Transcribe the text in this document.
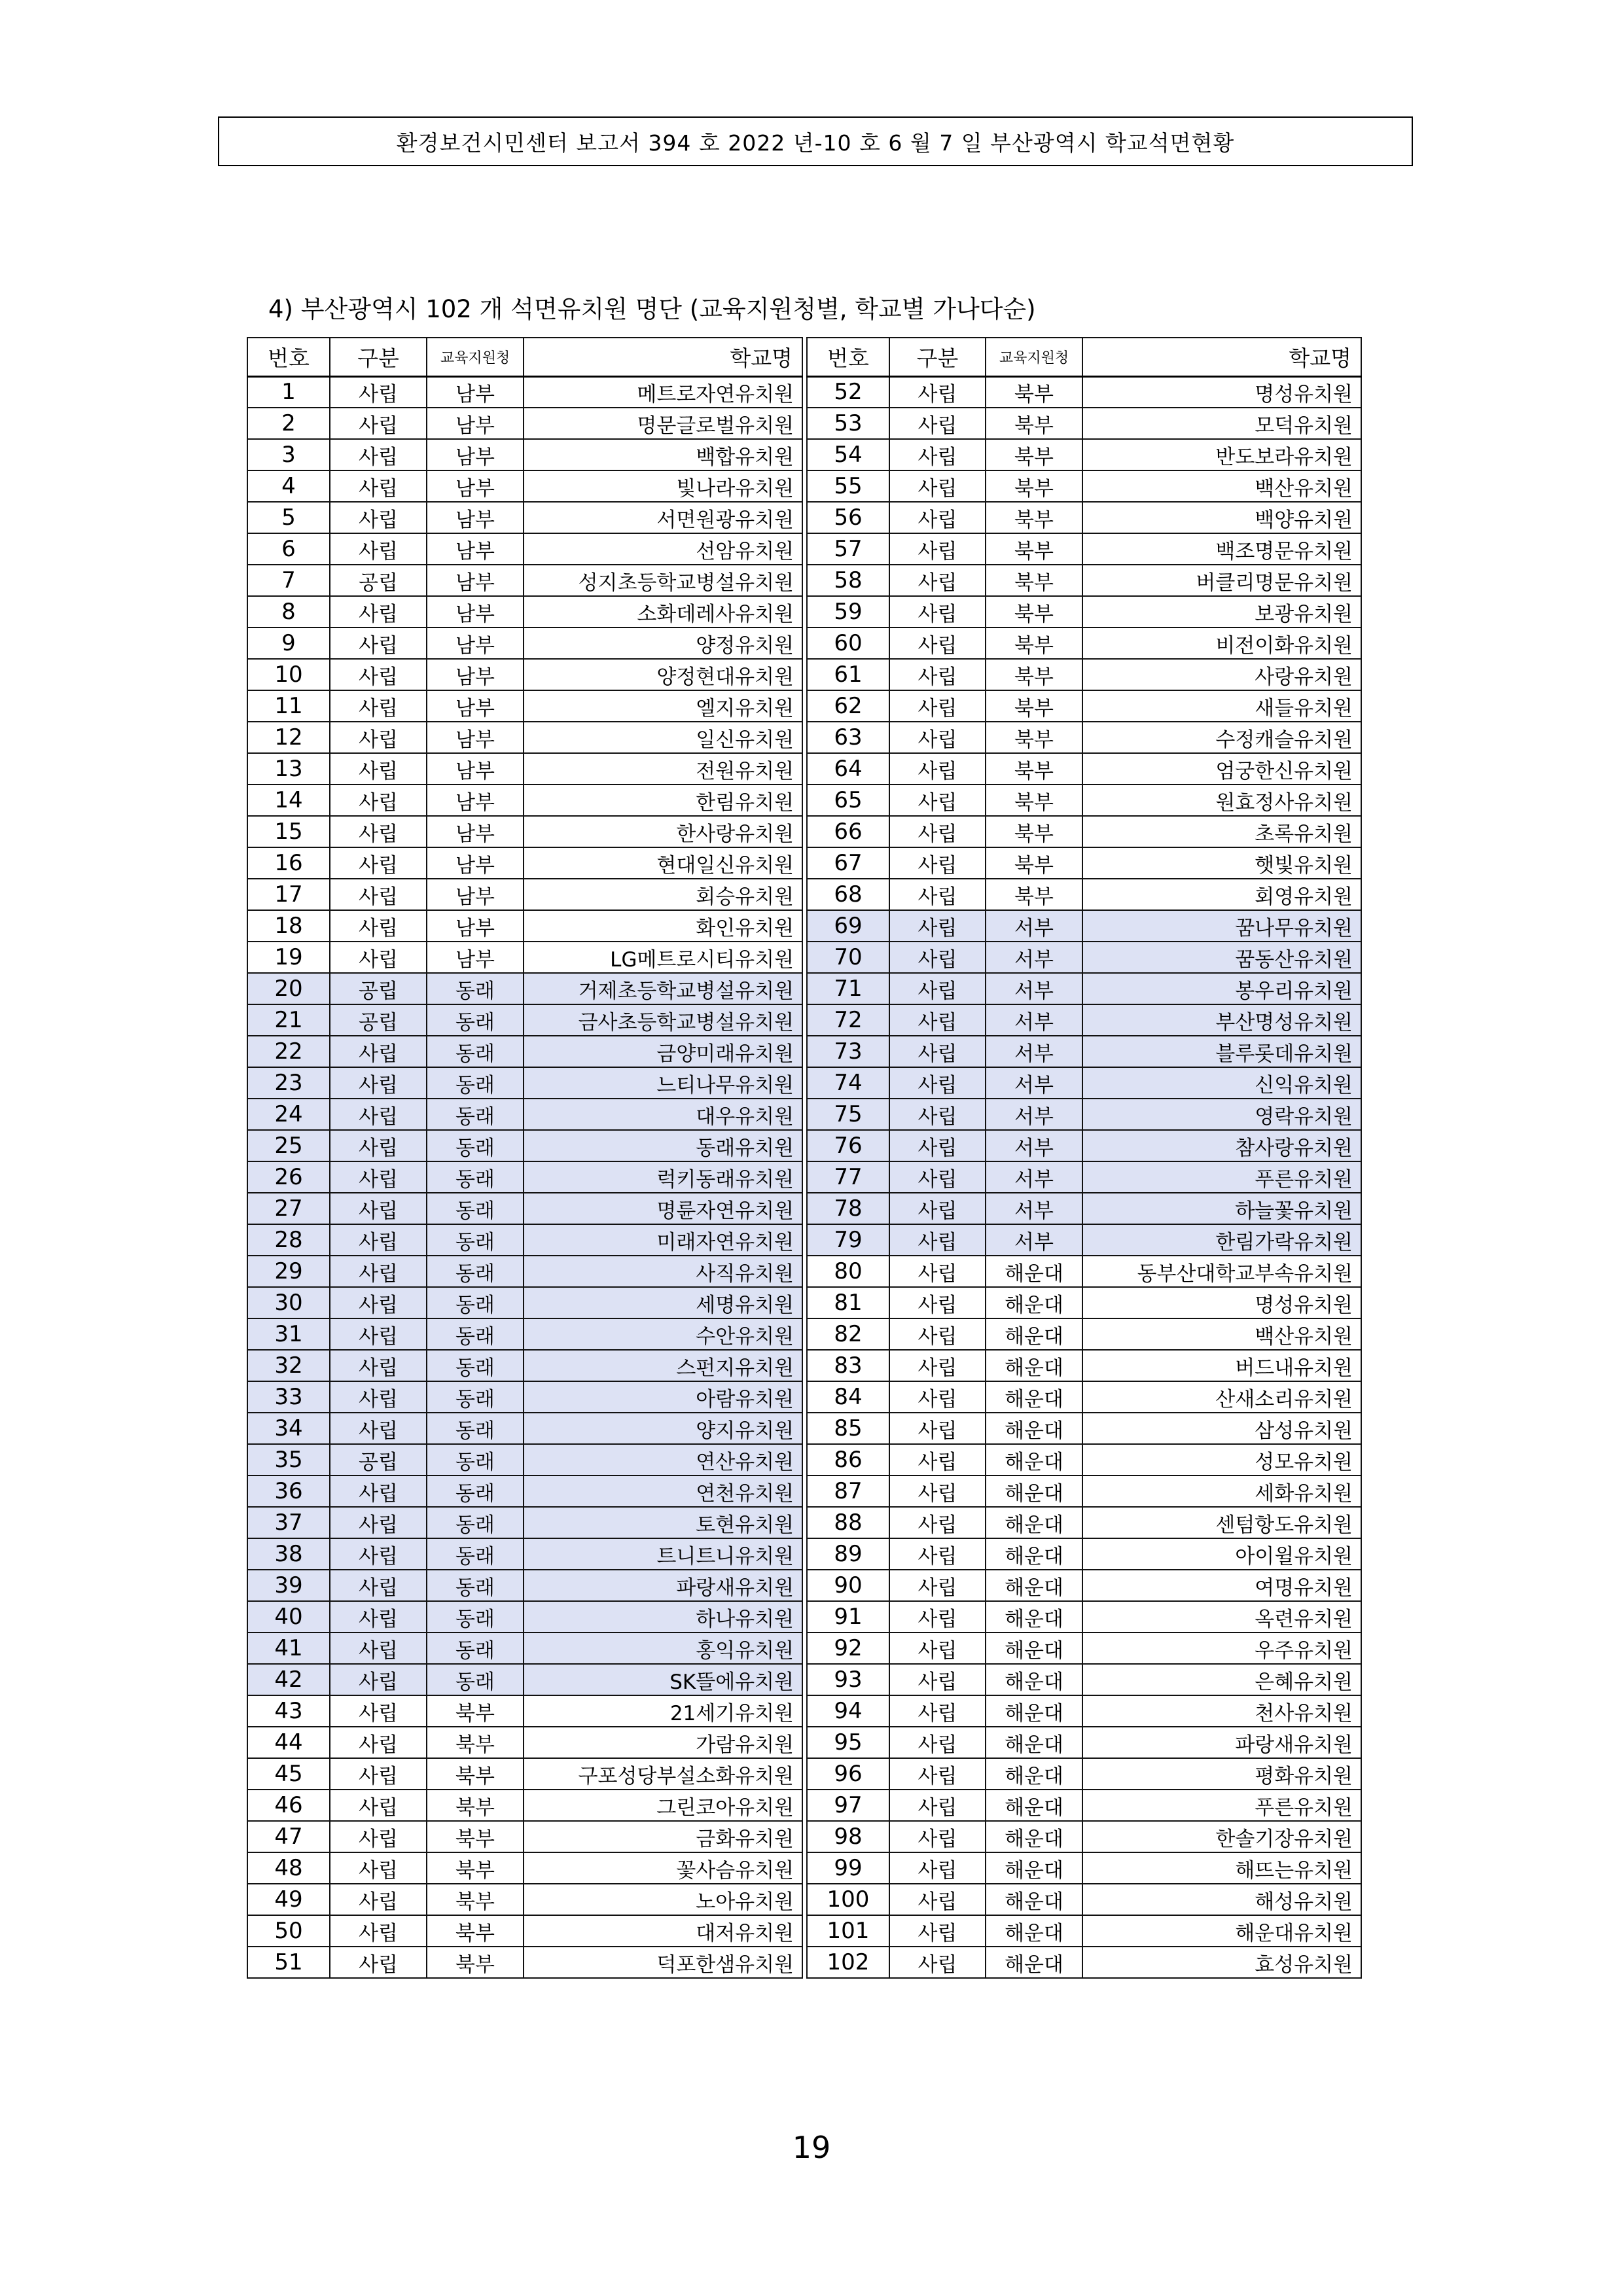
환경보건시민센터 보고서 394 호 2022 년-10 호 6 월 7 일 부산광역시 학교석면현황
4) 부산광역시 102 개 석면유치원 명단 (교육지원청별, 학교별 가나다순)
번호	구분	교육지원청	학교명
1	사립	남부	메트로자연유치원
2	사립	남부	명문글로벌유치원
3	사립	남부	백합유치원
4	사립	남부	빛나라유치원
5	사립	남부	서면원광유치원
6	사립	남부	선암유치원
7	공립	남부	성지초등학교병설유치원
8	사립	남부	소화데레사유치원
9	사립	남부	양정유치원
10	사립	남부	양정현대유치원
11	사립	남부	엘지유치원
12	사립	남부	일신유치원
13	사립	남부	전원유치원
14	사립	남부	한림유치원
15	사립	남부	한사랑유치원
16	사립	남부	현대일신유치원
17	사립	남부	회승유치원
18	사립	남부	화인유치원
19	사립	남부	LG메트로시티유치원
20	공립	동래	거제초등학교병설유치원
21	공립	동래	금사초등학교병설유치원
22	사립	동래	금양미래유치원
23	사립	동래	느티나무유치원
24	사립	동래	대우유치원
25	사립	동래	동래유치원
26	사립	동래	럭키동래유치원
27	사립	동래	명륜자연유치원
28	사립	동래	미래자연유치원
29	사립	동래	사직유치원
30	사립	동래	세명유치원
31	사립	동래	수안유치원
32	사립	동래	스펀지유치원
33	사립	동래	아람유치원
34	사립	동래	양지유치원
35	공립	동래	연산유치원
36	사립	동래	연천유치원
37	사립	동래	토현유치원
38	사립	동래	트니트니유치원
39	사립	동래	파랑새유치원
40	사립	동래	하나유치원
41	사립	동래	홍익유치원
42	사립	동래	SK뜰에유치원
43	사립	북부	21세기유치원
44	사립	북부	가람유치원
45	사립	북부	구포성당부설소화유치원
46	사립	북부	그린코아유치원
47	사립	북부	금화유치원
48	사립	북부	꽃사슴유치원
49	사립	북부	노아유치원
50	사립	북부	대저유치원
51	사립	북부	덕포한샘유치원
번호	구분	교육지원청	학교명
52	사립	북부	명성유치원
53	사립	북부	모덕유치원
54	사립	북부	반도보라유치원
55	사립	북부	백산유치원
56	사립	북부	백양유치원
57	사립	북부	백조명문유치원
58	사립	북부	버클리명문유치원
59	사립	북부	보광유치원
60	사립	북부	비전이화유치원
61	사립	북부	사랑유치원
62	사립	북부	새들유치원
63	사립	북부	수정캐슬유치원
64	사립	북부	엄궁한신유치원
65	사립	북부	원효정사유치원
66	사립	북부	초록유치원
67	사립	북부	햇빛유치원
68	사립	북부	회영유치원
69	사립	서부	꿈나무유치원
70	사립	서부	꿈동산유치원
71	사립	서부	봉우리유치원
72	사립	서부	부산명성유치원
73	사립	서부	블루롯데유치원
74	사립	서부	신익유치원
75	사립	서부	영락유치원
76	사립	서부	참사랑유치원
77	사립	서부	푸른유치원
78	사립	서부	하늘꽃유치원
79	사립	서부	한림가락유치원
80	사립	해운대	동부산대학교부속유치원
81	사립	해운대	명성유치원
82	사립	해운대	백산유치원
83	사립	해운대	버드내유치원
84	사립	해운대	산새소리유치원
85	사립	해운대	삼성유치원
86	사립	해운대	성모유치원
87	사립	해운대	세화유치원
88	사립	해운대	센텀항도유치원
89	사립	해운대	아이윌유치원
90	사립	해운대	여명유치원
91	사립	해운대	옥련유치원
92	사립	해운대	우주유치원
93	사립	해운대	은혜유치원
94	사립	해운대	천사유치원
95	사립	해운대	파랑새유치원
96	사립	해운대	평화유치원
97	사립	해운대	푸른유치원
98	사립	해운대	한솔기장유치원
99	사립	해운대	해뜨는유치원
100	사립	해운대	해성유치원
101	사립	해운대	해운대유치원
102	사립	해운대	효성유치원
19
